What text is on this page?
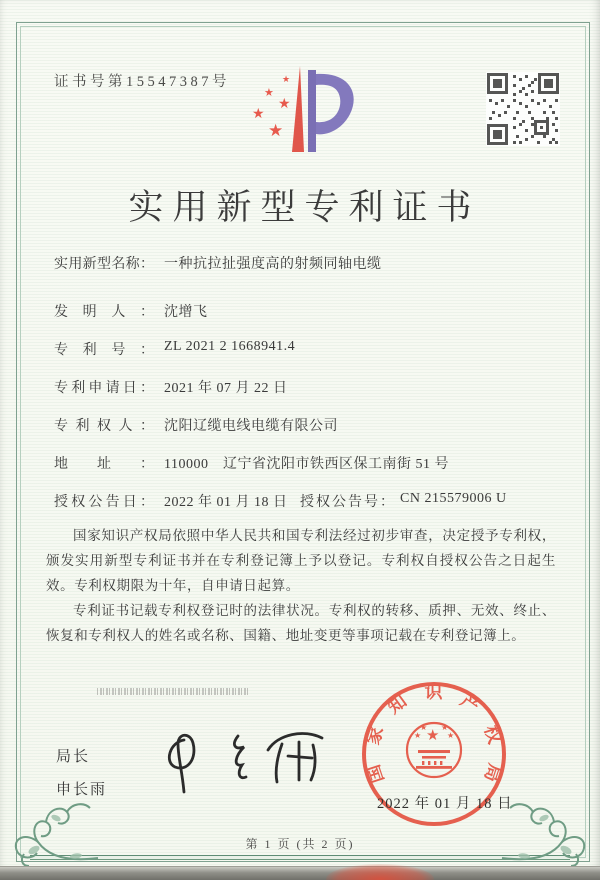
证书号第15547387号	★
★
★
★
★
实用新型专利证书
实用新型名称： 一种抗拉扯强度高的射频同轴电缆
发明人： 沈增飞
专利号： ZL 2021 2 1668941.4
专利申请日： 2021 年 07 月 22 日
专利权人： 沈阳辽缆电线电缆有限公司
地址： 110000　辽宁省沈阳市铁西区保工南街 51 号
授权公告日： 2022 年 01 月 18 日 授权公告号： CN 215579006 U

国家知识产权局依照中华人民共和国专利法经过初步审查，决定授予专利权，颁发实用新型专利证书并在专利登记簿上予以登记。专利权自授权公告之日起生效。专利权期限为十年，自申请日起算。

专利证书记载专利权登记时的法律状况。专利权的转移、质押、无效、终止、恢复和专利权人的姓名或名称、国籍、地址变更等事项记载在专利登记簿上。

局长
申长雨
国家知识产权局
★
★
★ ★
★
2022 年 01 月 18 日
第 1 页 (共 2 页)
